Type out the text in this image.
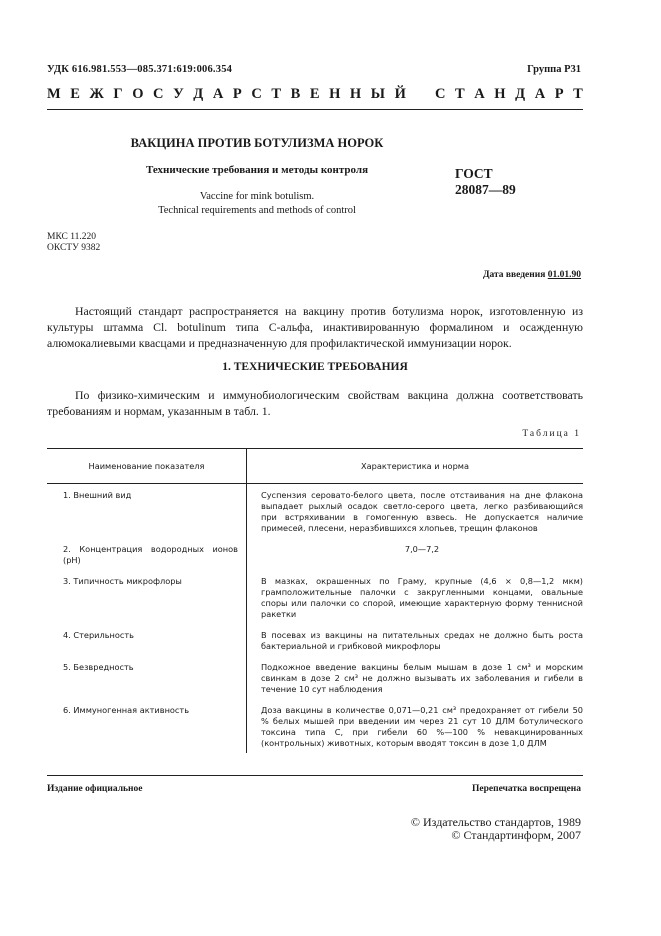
УДК 616.981.553—085.371:619:006.354	Группа Р31
М Е Ж Г О С У Д А Р С Т В Е Н Н Ы Й С Т А Н Д А Р Т
ВАКЦИНА ПРОТИВ БОТУЛИЗМА НОРОК
Технические требования и методы контроля
Vaccine for mink botulism.
Technical requirements and methods of control
ГОСТ
28087—89
МКС 11.220
ОКСТУ 9382
Дата введения 01.01.90
Настоящий стандарт распространяется на вакцину против ботулизма норок, изготовленную из культуры штамма Cl. botulinum типа С-альфа, инактивированную формалином и осажденную алюмокалиевыми квасцами и предназначенную для профилактической иммунизации норок.
1. ТЕХНИЧЕСКИЕ ТРЕБОВАНИЯ
По физико-химическим и иммунобиологическим свойствам вакцина должна соответствовать требованиям и нормам, указанным в табл. 1.
Таблица 1
Наименование показателя	Характеристика и норма
1. Внешний вид	Суспензия серовато-белого цвета, после отстаивания на дне флакона выпадает рыхлый осадок светло-серого цвета, легко разбивающийся при встряхивании в гомогенную взвесь. Не допускается наличие примесей, плесени, неразбившихся хлопьев, трещин флаконов
2. Концентрация водородных ионов (рН)	7,0—7,2
3. Типичность микрофлоры	В мазках, окрашенных по Граму, крупные (4,6 × 0,8—1,2 мкм) грамположительные палочки с закругленными концами, овальные споры или палочки со спорой, имеющие характерную форму теннисной ракетки
4. Стерильность	В посевах из вакцины на питательных средах не должно быть роста бактериальной и грибковой микрофлоры
5. Безвредность	Подкожное введение вакцины белым мышам в дозе 1 см³ и морским свинкам в дозе 2 см³ не должно вызывать их заболевания и гибели в течение 10 сут наблюдения
6. Иммуногенная активность	Доза вакцины в количестве 0,071—0,21 см³ предохраняет от гибели 50 % белых мышей при введении им через 21 сут 10 ДЛМ ботулического токсина типа С, при гибели 60 %—100 % невакцинированных (контрольных) животных, которым вводят токсин в дозе 1,0 ДЛМ
Издание официальное	Перепечатка воспрещена
© Издательство стандартов, 1989
© Стандартинформ, 2007
